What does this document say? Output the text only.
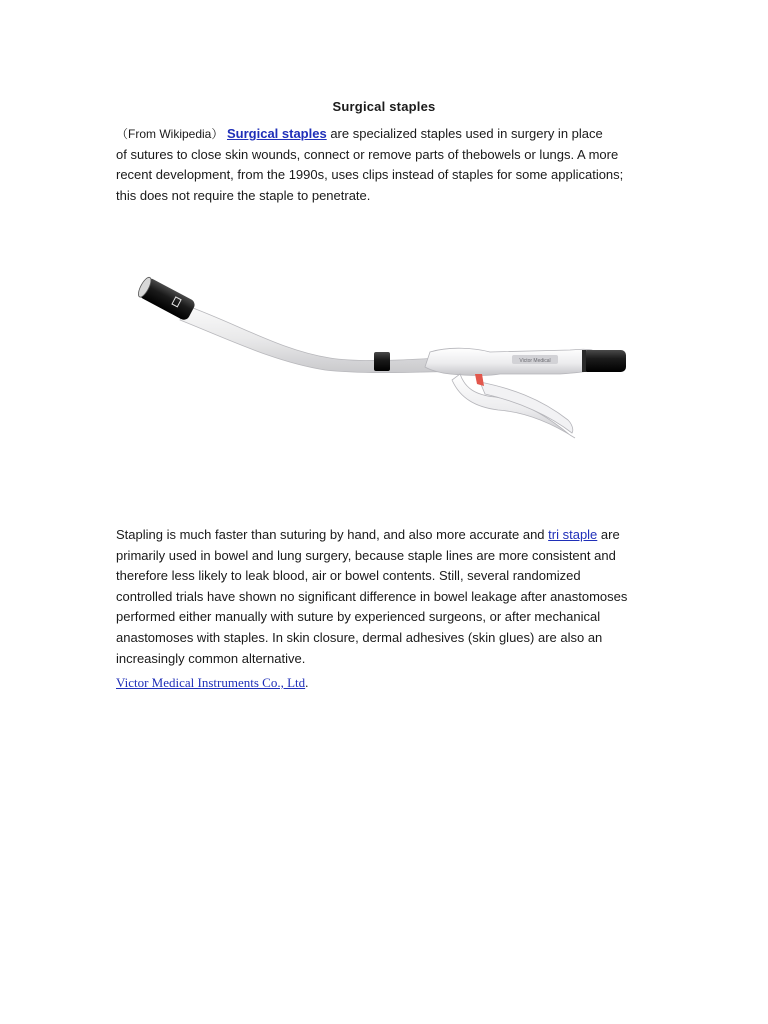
Surgical staples
（From Wikipedia） Surgical staples are specialized staples used in surgery in place
of sutures to close skin wounds, connect or remove parts of thebowels or lungs. A more
recent development, from the 1990s, uses clips instead of staples for some applications;
this does not require the staple to penetrate.
Victor Medical
Stapling is much faster than suturing by hand, and also more accurate and tri staple are
primarily used in bowel and lung surgery, because staple lines are more consistent and
therefore less likely to leak blood, air or bowel contents. Still, several randomized
controlled trials have shown no significant difference in bowel leakage after anastomoses
performed either manually with suture by experienced surgeons, or after mechanical
anastomoses with staples. In skin closure, dermal adhesives (skin glues) are also an
increasingly common alternative.
Victor Medical Instruments Co., Ltd.
